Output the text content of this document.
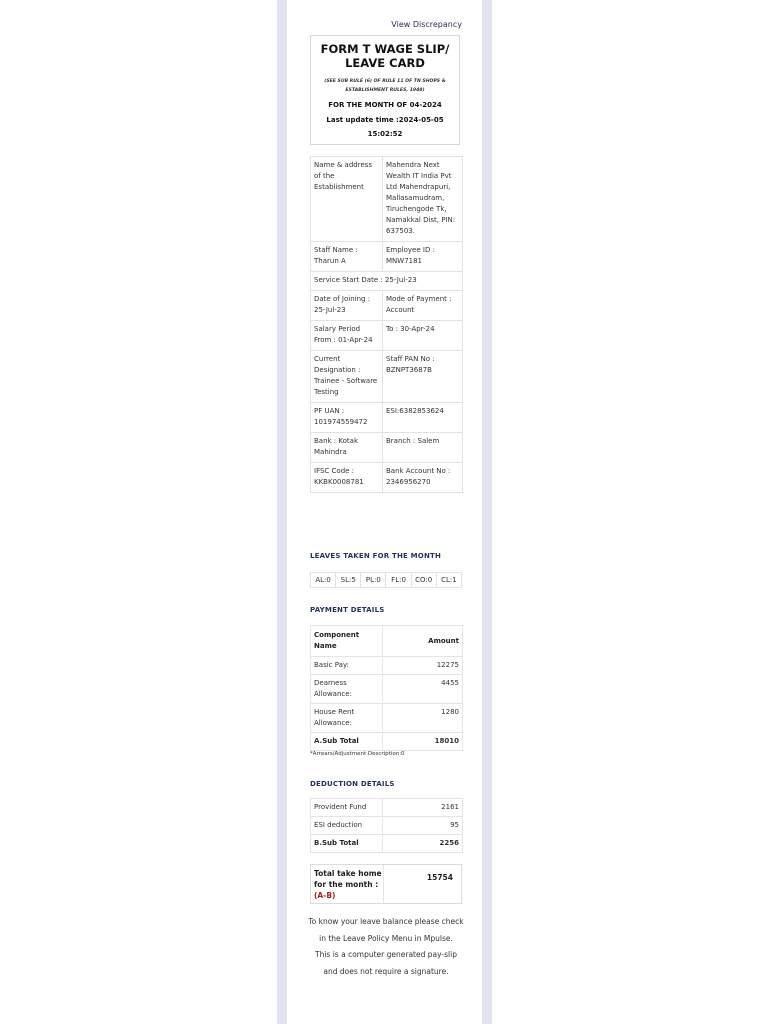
View Discrepancy
FORM T WAGE SLIP/
LEAVE CARD
(SEE SUB RULE (6) OF RULE 11 OF TN SHOPS &
ESTABLISHMENT RULES, 1948)
FOR THE MONTH OF 04-2024
Last update time :2024-05-05
15:02:52
Name & address of the Establishment	Mahendra Next Wealth IT India Pvt Ltd Mahendrapuri, Mallasamudram, Tiruchengode Tk, Namakkal Dist, PIN: 637503.
Staff Name : Tharun A	Employee ID : MNW7181
Service Start Date : 25-Jul-23	
Date of Joining : 25-Jul-23	Mode of Payment : Account
Salary Period From : 01-Apr-24	To : 30-Apr-24
Current Designation : Trainee - Software Testing	Staff PAN No : BZNPT3687B
PF UAN : 101974559472	ESI:6382853624
Bank : Kotak Mahindra	Branch : Salem
IFSC Code : KKBK0008781	Bank Account No : 2346956270
LEAVES TAKEN FOR THE MONTH
AL:0	SL:5	PL:0	FL:0	CO:0	CL:1
PAYMENT DETAILS
Component Name	Amount
Basic Pay:	12275
Dearness Allowance:	4455
House Rent Allowance:	1280
A.Sub Total	18010
*Arrears/Adjustment Description:0
DEDUCTION DETAILS
Provident Fund	2161
ESI deduction	95
B.Sub Total	2256
Total take home for the month :(A-B)
15754
To know your leave balance please check in the Leave Policy Menu in Mpulse.
This is a computer generated pay-slip and does not require a signature.
